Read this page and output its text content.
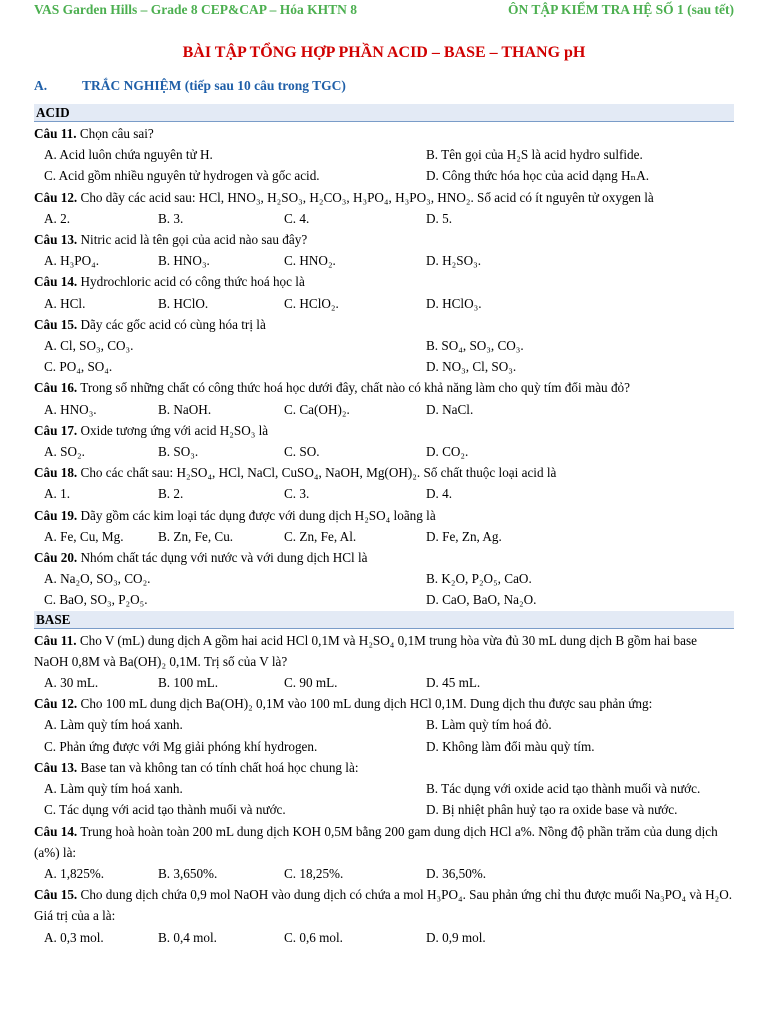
VAS Garden Hills – Grade 8 CEP&CAP – Hóa KHTN 8	ÔN TẬP KIỂM TRA HỆ SỐ 1 (sau tết)
BÀI TẬP TỔNG HỢP PHẦN ACID – BASE – THANG pH
A.	TRẮC NGHIỆM (tiếp sau 10 câu trong TGC)
ACID
Câu 11. Chọn câu sai?
A. Acid luôn chứa nguyên tử H.	B. Tên gọi của H₂S là acid hydro sulfide.
C. Acid gồm nhiều nguyên tử hydrogen và gốc acid.	D. Công thức hóa học của acid dạng HₙA.
Câu 12. Cho dãy các acid sau: HCl, HNO₃, H₂SO₃, H₂CO₃, H₃PO₄, H₃PO₃, HNO₂. Số acid có ít nguyên tử oxygen là
A. 2.	B. 3.	C. 4.	D. 5.
Câu 13. Nitric acid là tên gọi của acid nào sau đây?
A. H₃PO₄.	B. HNO₃.	C. HNO₂.	D. H₂SO₃.
Câu 14. Hydrochloric acid có công thức hoá học là
A. HCl.	B. HClO.	C. HClO₂.	D. HClO₃.
Câu 15. Dãy các gốc acid có cùng hóa trị là
A. Cl, SO₃, CO₃.	B. SO₄, SO₃, CO₃.
C. PO₄, SO₄.	D. NO₃, Cl, SO₃.
Câu 16. Trong số những chất có công thức hoá học dưới đây, chất nào có khả năng làm cho quỳ tím đổi màu đỏ?
A. HNO₃.	B. NaOH.	C. Ca(OH)₂.	D. NaCl.
Câu 17. Oxide tương ứng với acid H₂SO₃ là
A. SO₂.	B. SO₃.	C. SO.	D. CO₂.
Câu 18. Cho các chất sau: H₂SO₄, HCl, NaCl, CuSO₄, NaOH, Mg(OH)₂. Số chất thuộc loại acid là
A. 1.	B. 2.	C. 3.	D. 4.
Câu 19. Dãy gồm các kim loại tác dụng được với dung dịch H₂SO₄ loãng là
A. Fe, Cu, Mg.	B. Zn, Fe, Cu.	C. Zn, Fe, Al.	D. Fe, Zn, Ag.
Câu 20. Nhóm chất tác dụng với nước và với dung dịch HCl là
A. Na₂O, SO₃, CO₂.	B. K₂O, P₂O₅, CaO.
C. BaO, SO₃, P₂O₅.	D. CaO, BaO, Na₂O.
BASE
Câu 11. Cho V (mL) dung dịch A gồm hai acid HCl 0,1M và H₂SO₄ 0,1M trung hòa vừa đủ 30 mL dung dịch B gồm hai base NaOH 0,8M và Ba(OH)₂ 0,1M. Trị số của V là?
A. 30 mL.	B. 100 mL.	C. 90 mL.	D. 45 mL.
Câu 12. Cho 100 mL dung dịch Ba(OH)₂ 0,1M vào 100 mL dung dịch HCl 0,1M. Dung dịch thu được sau phản ứng:
A. Làm quỳ tím hoá xanh.	B. Làm quỳ tím hoá đỏ.
C. Phản ứng được với Mg giải phóng khí hydrogen.	D. Không làm đổi màu quỳ tím.
Câu 13. Base tan và không tan có tính chất hoá học chung là:
A. Làm quỳ tím hoá xanh.	B. Tác dụng với oxide acid tạo thành muối và nước.
C. Tác dụng với acid tạo thành muối và nước.	D. Bị nhiệt phân huỷ tạo ra oxide base và nước.
Câu 14. Trung hoà hoàn toàn 200 mL dung dịch KOH 0,5M bằng 200 gam dung dịch HCl a%. Nồng độ phần trăm của dung dịch (a%) là:
A. 1,825%.	B. 3,650%.	C. 18,25%.	D. 36,50%.
Câu 15. Cho dung dịch chứa 0,9 mol NaOH vào dung dịch có chứa a mol H₃PO₄. Sau phản ứng chỉ thu được muối Na₃PO₄ và H₂O. Giá trị của a là:
A. 0,3 mol.	B. 0,4 mol.	C. 0,6 mol.	D. 0,9 mol.
